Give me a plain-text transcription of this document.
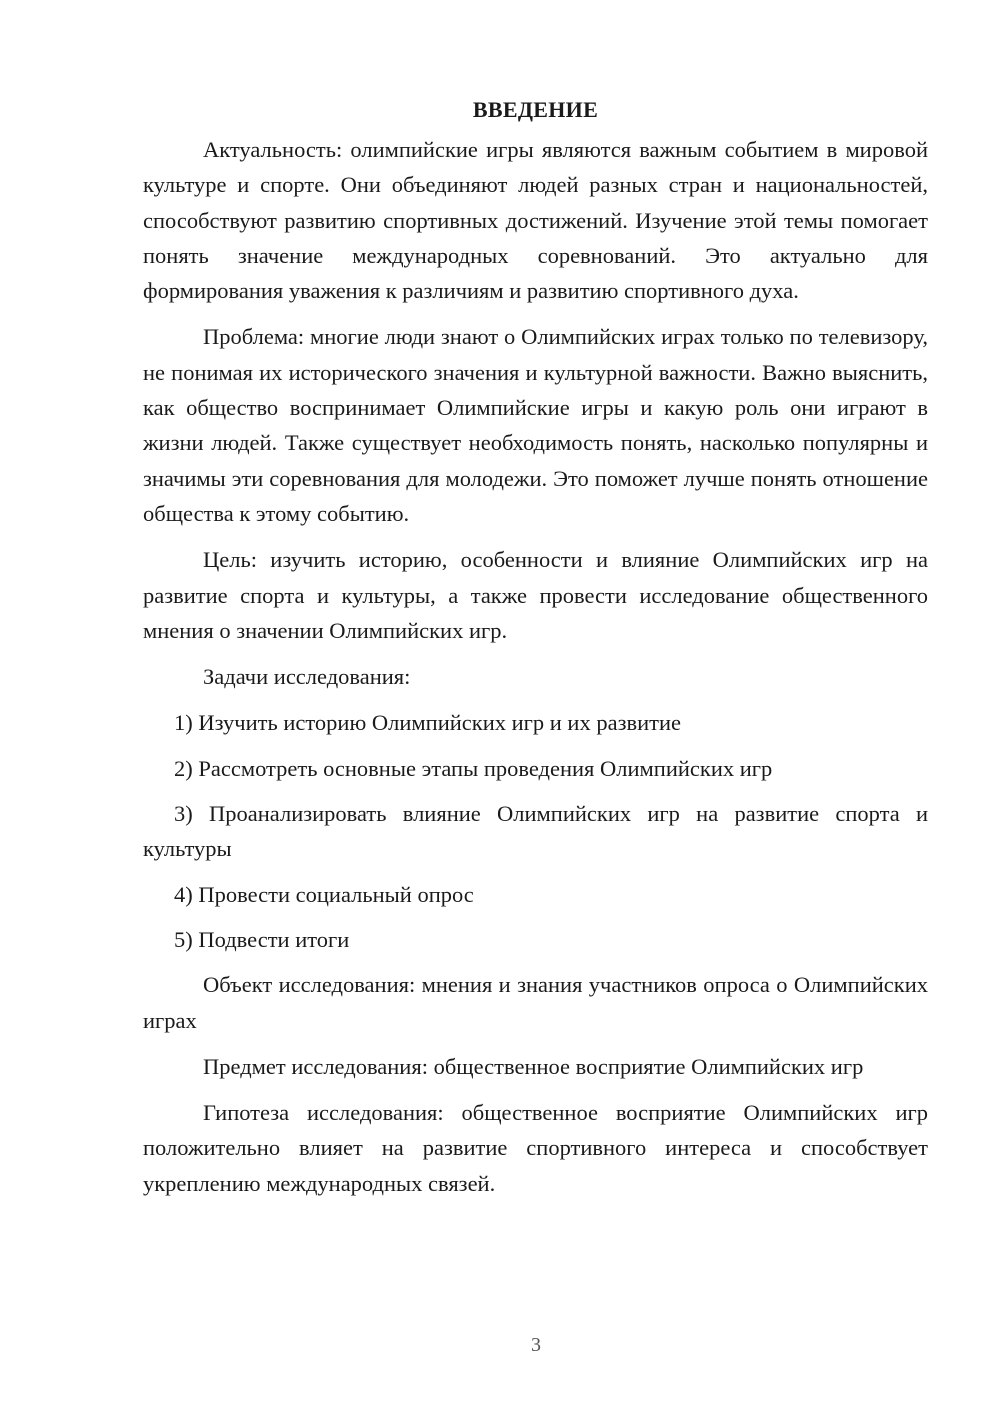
ВВЕДЕНИЕ

Актуальность: олимпийские игры являются важным событием в мировой культуре и спорте. Они объединяют людей разных стран и национальностей, способствуют развитию спортивных достижений. Изучение этой темы помогает понять значение международных соревнований. Это актуально для формирования уважения к различиям и развитию спортивного духа.

Проблема: многие люди знают о Олимпийских играх только по телевизору, не понимая их исторического значения и культурной важности. Важно выяснить, как общество воспринимает Олимпийские игры и какую роль они играют в жизни людей. Также существует необходимость понять, насколько популярны и значимы эти соревнования для молодежи. Это поможет лучше понять отношение общества к этому событию.

Цель: изучить историю, особенности и влияние Олимпийских игр на развитие спорта и культуры, а также провести исследование общественного мнения о значении Олимпийских игр.

Задачи исследования:

1) Изучить историю Олимпийских игр и их развитие

2) Рассмотреть основные этапы проведения Олимпийских игр

3) Проанализировать влияние Олимпийских игр на развитие спорта и культуры

4) Провести социальный опрос

5) Подвести итоги

Объект исследования: мнения и знания участников опроса о Олимпийских играх

Предмет исследования: общественное восприятие Олимпийских игр

Гипотеза исследования: общественное восприятие Олимпийских игр положительно влияет на развитие спортивного интереса и способствует укреплению международных связей.

3
